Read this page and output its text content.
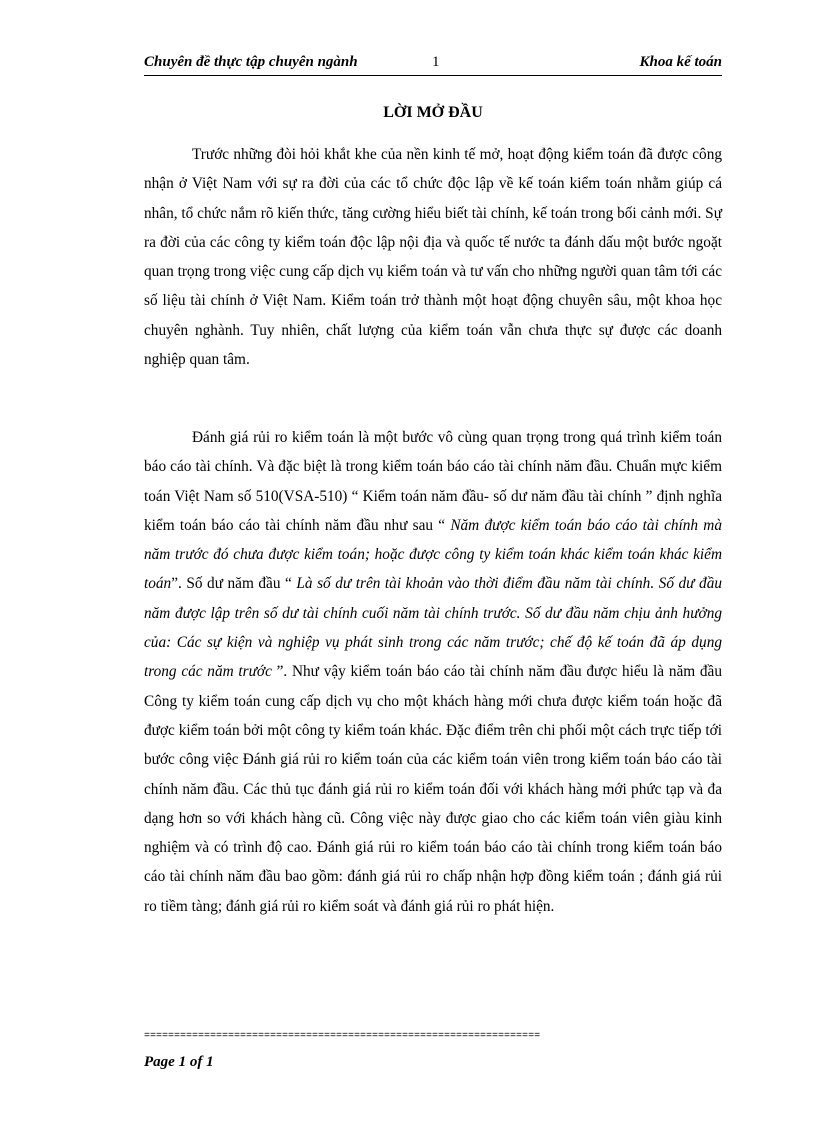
Chuyên đề thực tập chuyên ngành	1	Khoa kế toán
LỜI MỞ ĐẦU

Trước những đòi hỏi khắt khe của nền kinh tế mở, hoạt động kiểm toán đã được công nhận ở Việt Nam với sự ra đời của các tổ chức độc lập về kế toán kiểm toán nhằm giúp cá nhân, tổ chức nắm rõ kiến thức, tăng cường hiểu biết tài chính, kế toán trong bối cảnh mới. Sự ra đời của các công ty kiểm toán độc lập nội địa và quốc tế nước ta đánh dấu một bước ngoặt quan trọng trong việc cung cấp dịch vụ kiểm toán và tư vấn cho những người quan tâm tới các số liệu tài chính ở Việt Nam. Kiểm toán trở thành một hoạt động chuyên sâu, một khoa học chuyên nghành. Tuy nhiên, chất lượng của kiểm toán vẫn chưa thực sự được các doanh nghiệp quan tâm.

Đánh giá rủi ro kiểm toán là một bước vô cùng quan trọng trong quá trình kiểm toán báo cáo tài chính. Và đặc biệt là trong kiểm toán báo cáo tài chính năm đầu. Chuẩn mực kiểm toán Việt Nam số 510(VSA-510) “ Kiểm toán năm đầu- số dư năm đầu tài chính ” định nghĩa kiểm toán báo cáo tài chính năm đầu như sau “ Năm được kiểm toán báo cáo tài chính mà năm trước đó chưa được kiểm toán; hoặc được công ty kiểm toán khác kiểm toán khác kiểm toán”. Số dư năm đầu “ Là số dư trên tài khoản vào thời điểm đầu năm tài chính. Số dư đầu năm được lập trên số dư tài chính cuối năm tài chính trước. Số dư đầu năm chịu ảnh hưởng của: Các sự kiện và nghiệp vụ phát sinh trong các năm trước; chế độ kế toán đã áp dụng trong các năm trước ”. Như vậy kiểm toán báo cáo tài chính năm đầu được hiểu là năm đầu Công ty kiểm toán cung cấp dịch vụ cho một khách hàng mới chưa được kiểm toán hoặc đã được kiểm toán bởi một công ty kiểm toán khác. Đặc điểm trên chi phối một cách trực tiếp tới bước công việc Đánh giá rủi ro kiểm toán của các kiểm toán viên trong kiểm toán báo cáo tài chính năm đầu. Các thủ tục đánh giá rủi ro kiểm toán đối với khách hàng mới phức tạp và đa dạng hơn so với khách hàng cũ. Công việc này được giao cho các kiểm toán viên giàu kinh nghiệm và có trình độ cao. Đánh giá rủi ro kiểm toán báo cáo tài chính trong kiểm toán báo cáo tài chính năm đầu bao gồm: đánh giá rủi ro chấp nhận hợp đồng kiểm toán ; đánh giá rủi ro tiềm tàng; đánh giá rủi ro kiểm soát và đánh giá rủi ro phát hiện.

==================================================================
Page 1 of 1
